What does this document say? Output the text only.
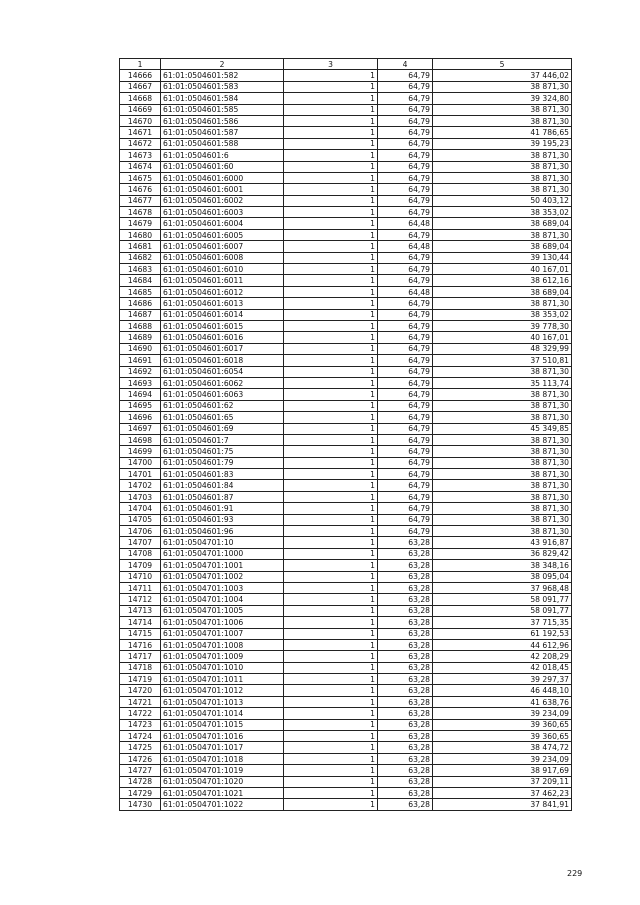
1	2	3	4	5
14666	61:01:0504601:582	1	64,79	37 446,02
14667	61:01:0504601:583	1	64,79	38 871,30
14668	61:01:0504601:584	1	64,79	39 324,80
14669	61:01:0504601:585	1	64,79	38 871,30
14670	61:01:0504601:586	1	64,79	38 871,30
14671	61:01:0504601:587	1	64,79	41 786,65
14672	61:01:0504601:588	1	64,79	39 195,23
14673	61:01:0504601:6	1	64,79	38 871,30
14674	61:01:0504601:60	1	64,79	38 871,30
14675	61:01:0504601:6000	1	64,79	38 871,30
14676	61:01:0504601:6001	1	64,79	38 871,30
14677	61:01:0504601:6002	1	64,79	50 403,12
14678	61:01:0504601:6003	1	64,79	38 353,02
14679	61:01:0504601:6004	1	64,48	38 689,04
14680	61:01:0504601:6005	1	64,79	38 871,30
14681	61:01:0504601:6007	1	64,48	38 689,04
14682	61:01:0504601:6008	1	64,79	39 130,44
14683	61:01:0504601:6010	1	64,79	40 167,01
14684	61:01:0504601:6011	1	64,79	38 612,16
14685	61:01:0504601:6012	1	64,48	38 689,04
14686	61:01:0504601:6013	1	64,79	38 871,30
14687	61:01:0504601:6014	1	64,79	38 353,02
14688	61:01:0504601:6015	1	64,79	39 778,30
14689	61:01:0504601:6016	1	64,79	40 167,01
14690	61:01:0504601:6017	1	64,79	48 329,99
14691	61:01:0504601:6018	1	64,79	37 510,81
14692	61:01:0504601:6054	1	64,79	38 871,30
14693	61:01:0504601:6062	1	64,79	35 113,74
14694	61:01:0504601:6063	1	64,79	38 871,30
14695	61:01:0504601:62	1	64,79	38 871,30
14696	61:01:0504601:65	1	64,79	38 871,30
14697	61:01:0504601:69	1	64,79	45 349,85
14698	61:01:0504601:7	1	64,79	38 871,30
14699	61:01:0504601:75	1	64,79	38 871,30
14700	61:01:0504601:79	1	64,79	38 871,30
14701	61:01:0504601:83	1	64,79	38 871,30
14702	61:01:0504601:84	1	64,79	38 871,30
14703	61:01:0504601:87	1	64,79	38 871,30
14704	61:01:0504601:91	1	64,79	38 871,30
14705	61:01:0504601:93	1	64,79	38 871,30
14706	61:01:0504601:96	1	64,79	38 871,30
14707	61:01:0504701:10	1	63,28	43 916,87
14708	61:01:0504701:1000	1	63,28	36 829,42
14709	61:01:0504701:1001	1	63,28	38 348,16
14710	61:01:0504701:1002	1	63,28	38 095,04
14711	61:01:0504701:1003	1	63,28	37 968,48
14712	61:01:0504701:1004	1	63,28	58 091,77
14713	61:01:0504701:1005	1	63,28	58 091,77
14714	61:01:0504701:1006	1	63,28	37 715,35
14715	61:01:0504701:1007	1	63,28	61 192,53
14716	61:01:0504701:1008	1	63,28	44 612,96
14717	61:01:0504701:1009	1	63,28	42 208,29
14718	61:01:0504701:1010	1	63,28	42 018,45
14719	61:01:0504701:1011	1	63,28	39 297,37
14720	61:01:0504701:1012	1	63,28	46 448,10
14721	61:01:0504701:1013	1	63,28	41 638,76
14722	61:01:0504701:1014	1	63,28	39 234,09
14723	61:01:0504701:1015	1	63,28	39 360,65
14724	61:01:0504701:1016	1	63,28	39 360,65
14725	61:01:0504701:1017	1	63,28	38 474,72
14726	61:01:0504701:1018	1	63,28	39 234,09
14727	61:01:0504701:1019	1	63,28	38 917,69
14728	61:01:0504701:1020	1	63,28	37 209,11
14729	61:01:0504701:1021	1	63,28	37 462,23
14730	61:01:0504701:1022	1	63,28	37 841,91
229
